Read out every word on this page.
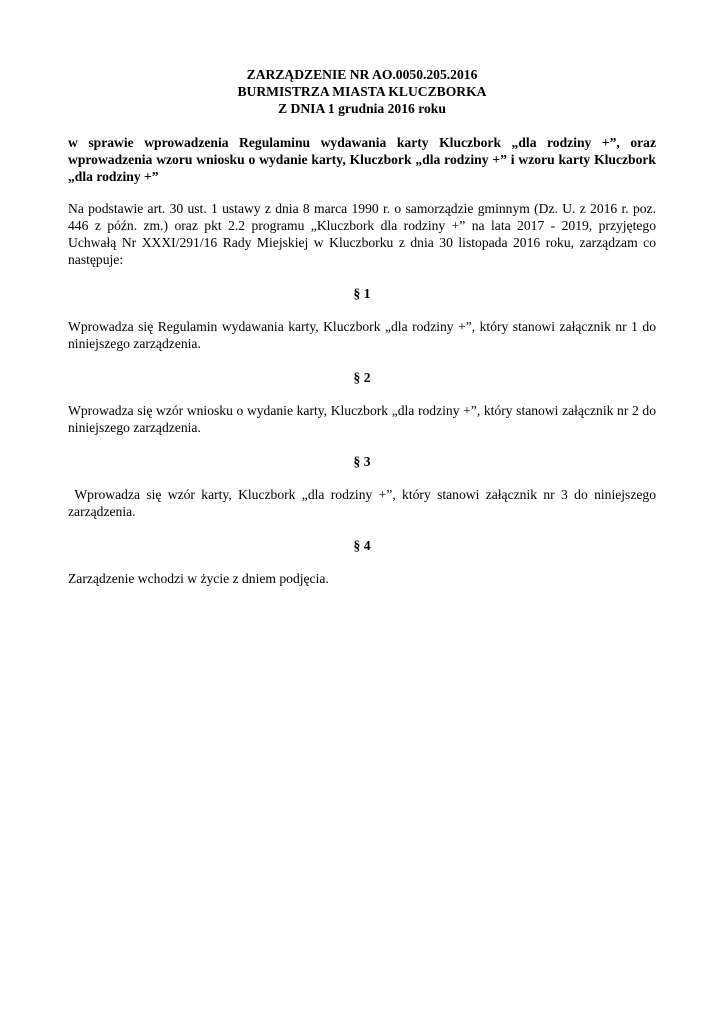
ZARZĄDZENIE NR AO.0050.205.2016

BURMISTRZA MIASTA KLUCZBORKA

Z DNIA 1 grudnia 2016 roku

w sprawie wprowadzenia Regulaminu wydawania karty Kluczbork „dla rodziny +”, oraz wprowadzenia wzoru wniosku o wydanie karty, Kluczbork „dla rodziny +” i wzoru karty Kluczbork „dla rodziny +”

Na podstawie art. 30 ust. 1 ustawy z dnia 8 marca 1990 r. o samorządzie gminnym (Dz. U. z 2016 r. poz. 446 z późn. zm.) oraz pkt 2.2 programu „Kluczbork dla rodziny +” na lata 2017 - 2019, przyjętego Uchwałą Nr XXXI/291/16 Rady Miejskiej w Kluczborku z dnia 30 listopada 2016 roku, zarządzam co następuje:

§ 1

Wprowadza się Regulamin wydawania karty, Kluczbork „dla rodziny +”, który stanowi załącznik nr 1 do niniejszego zarządzenia.

§ 2

Wprowadza się wzór wniosku o wydanie karty, Kluczbork „dla rodziny +”, który stanowi załącznik nr 2 do niniejszego zarządzenia.

§ 3

Wprowadza się wzór karty, Kluczbork „dla rodziny +”, który stanowi załącznik nr 3 do niniejszego zarządzenia.

§ 4

Zarządzenie wchodzi w życie z dniem podjęcia.
